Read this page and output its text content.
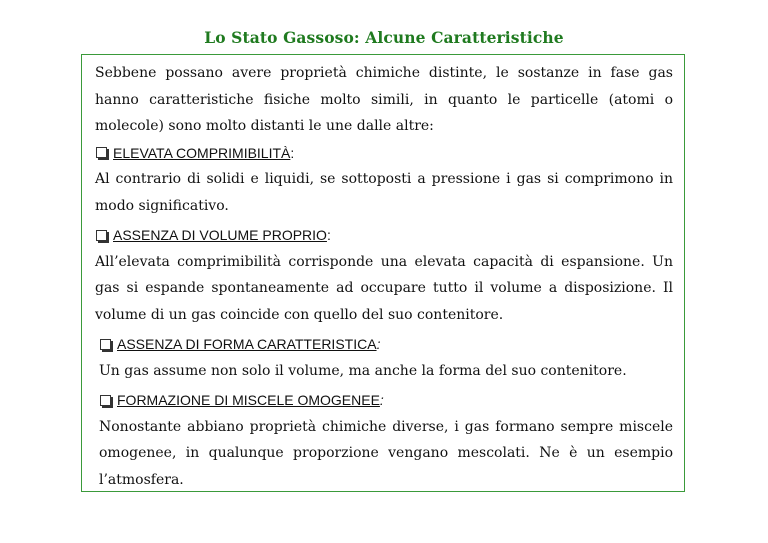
Lo Stato Gassoso: Alcune Caratteristiche

Sebbene possano avere proprietà chimiche distinte, le sostanze in fase gas hanno caratteristiche fisiche molto simili, in quanto le particelle (atomi o molecole) sono molto distanti le une dalle altre:

ELEVATA COMPRIMIBILITÀ :

Al contrario di solidi e liquidi, se sottoposti a pressione i gas si comprimono in modo significativo.

ASSENZA DI VOLUME PROPRIO :

All’elevata comprimibilità corrisponde una elevata capacità di espansione. Un gas si espande spontaneamente ad occupare tutto il volume a disposizione. Il volume di un gas coincide con quello del suo contenitore.

ASSENZA DI FORMA CARATTERISTICA :

Un gas assume non solo il volume, ma anche la forma del suo contenitore.

FORMAZIONE DI MISCELE OMOGENEE :

Nonostante abbiano proprietà chimiche diverse, i gas formano sempre miscele omogenee, in qualunque proporzione vengano mescolati. Ne è un esempio l’atmosfera.
